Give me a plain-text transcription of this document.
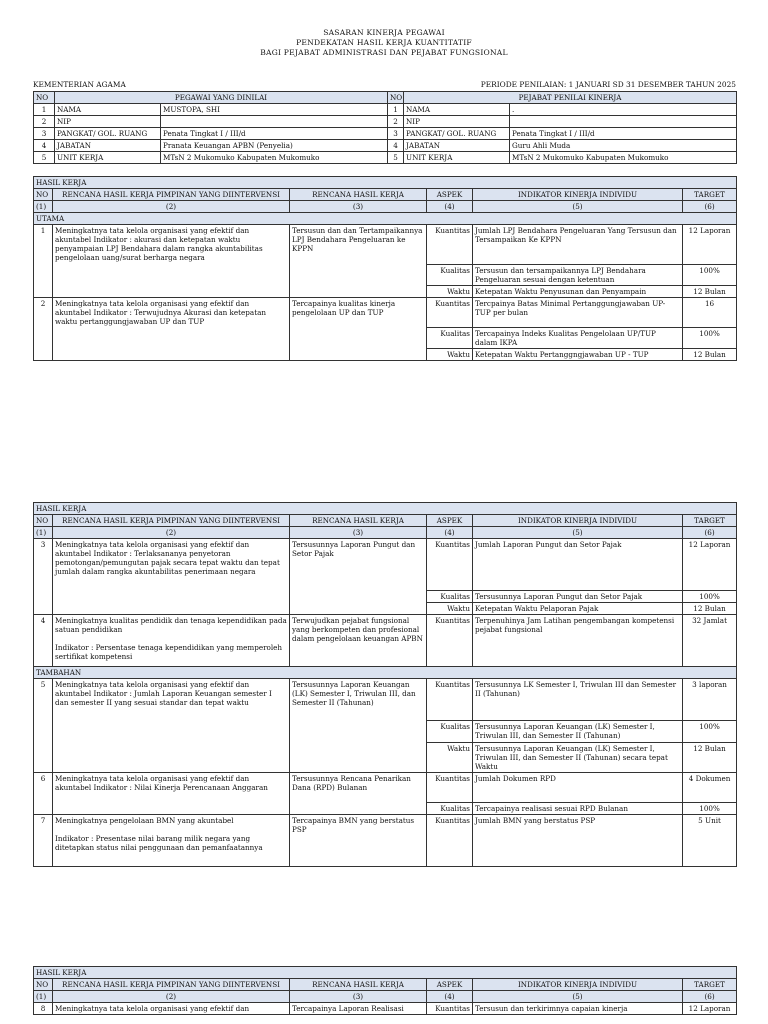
SASARAN KINERJA PEGAWAI
PENDEKATAN HASIL KERJA KUANTITATIF
BAGI PEJABAT ADMINISTRASI DAN PEJABAT FUNGSIONAL
KEMENTERIAN AGAMA	PERIODE PENILAIAN: 1 JANUARI SD 31 DESEMBER TAHUN 2025
NO	PEGAWAI YANG DINILAI		NO	PEJABAT PENILAI KINERJA	
1	NAMA	MUSTOPA, SHI	1	NAMA	.
2	NIP		2	NIP	
3	PANGKAT/ GOL. RUANG	Penata Tingkat I / III/d	3	PANGKAT/ GOL. RUANG	Penata Tingkat I / III/d
4	JABATAN	Pranata Keuangan APBN (Penyelia)	4	JABATAN	Guru Ahli Muda
5	UNIT KERJA	MTsN 2 Mukomuko Kabupaten Mukomuko	5	UNIT KERJA	MTsN 2 Mukomuko Kabupaten Mukomuko
HASIL KERJA					
NO	RENCANA HASIL KERJA PIMPINAN YANG DIINTERVENSI	RENCANA HASIL KERJA	ASPEK	INDIKATOR KINERJA INDIVIDU	TARGET
(1)	(2)	(3)	(4)	(5)	(6)
UTAMA					
1	Meningkatnya tata kelola organisasi yang efektif dan akuntabel Indikator : akurasi dan ketepatan waktu penyampaian LPJ Bendahara dalam rangka akuntabilitas pengelolaan uang/surat berharga negara	Tersusun dan dan Tertampaikannya LPJ Bendahara Pengeluaran ke KPPN	Kuantitas	Jumlah LPJ Bendahara Pengeluaran Yang Tersusun dan Tersampaikan Ke KPPN	12 Laporan
			Kualitas	Tersusun dan tersampaikannya LPJ Bendahara Pengeluaran sesuai dengan ketentuan	100%
			Waktu	Ketepatan Waktu Penyusunan dan Penyampain	12 Bulan
2	Meningkatnya tata kelola organisasi yang efektif dan akuntabel Indikator : Terwujudnya Akurasi dan ketepatan waktu pertanggungjawaban UP dan TUP	Tercapainya kualitas kinerja pengelolaan UP dan TUP	Kuantitas	Tercpainya Batas Minimal Pertanggungjawaban UP- TUP per bulan	16
			Kualitas	Tercapainya Indeks Kualitas Pengelolaan UP/TUP dalam IKPA	100%
			Waktu	Ketepatan Waktu Pertanggngjawaban UP - TUP	12 Bulan
HASIL KERJA					
NO	RENCANA HASIL KERJA PIMPINAN YANG DIINTERVENSI	RENCANA HASIL KERJA	ASPEK	INDIKATOR KINERJA INDIVIDU	TARGET
(1)	(2)	(3)	(4)	(5)	(6)
3	Meningkatnya tata kelola organisasi yang efektif dan akuntabel Indikator : Terlaksananya penyetoran pemotongan/pemungutan pajak secara tepat waktu dan tepat jumlah dalam rangka akuntabilitas penerimaan negara	Tersusunnya Laporan Pungut dan Setor Pajak	Kuantitas	Jumlah Laporan Pungut dan Setor Pajak	12 Laporan
			Kualitas	Tersusunnya Laporan Pungut dan Setor Pajak	100%
			Waktu	Ketepatan Waktu Pelaporan Pajak	12 Bulan
4	Meningkatnya kualitas pendidik dan tenaga kependidikan pada satuan pendidikan
Indikator : Persentase tenaga kependidikan yang memperoleh sertifikat kompetensi	Terwujudkan pejabat fungsional yang berkompeten dan profesional dalam pengelolaan keuangan APBN	Kuantitas	Terpenuhinya Jam Latihan pengembangan kompetensi pejabat fungsional	32 Jamlat
TAMBAHAN					
5	Meningkatnya tata kelola organisasi yang efektif dan akuntabel Indikator : Jumlah Laporan Keuangan semester I dan semester II yang sesuai standar dan tepat waktu	Tersusunnya Laporan Keuangan (LK) Semester I, Triwulan III, dan Semester II (Tahunan)	Kuantitas	Tersusunnya LK Semester I, Triwulan III dan Semester II (Tahunan)	3 laporan
			Kualitas	Tersusunnya Laporan Keuangan (LK) Semester I, Triwulan III, dan Semester II (Tahunan)	100%
			Waktu	Tersusunnya Laporan Keuangan (LK) Semester I, Triwulan III, dan Semester II (Tahunan) secara tepat Waktu	12 Bulan
6	Meningkatnya tata kelola organisasi yang efektif dan akuntabel Indikator : Nilai Kinerja Perencanaan Anggaran	Tersusunnya Rencana Penarikan Dana (RPD) Bulanan	Kuantitas	Jumlah Dokumen RPD	4 Dokumen
			Kualitas	Tercapainya realisasi sesuai RPD Bulanan	100%
7	Meningkatnya pengelolaan BMN yang akuntabel
Indikator : Presentase nilai barang milik negara yang ditetapkan status nilai penggunaan dan pemanfaatannya	Tercapainya BMN yang berstatus PSP	Kuantitas	Jumlah BMN yang berstatus PSP	5 Unit
HASIL KERJA					
NO	RENCANA HASIL KERJA PIMPINAN YANG DIINTERVENSI	RENCANA HASIL KERJA	ASPEK	INDIKATOR KINERJA INDIVIDU	TARGET
(1)	(2)	(3)	(4)	(5)	(6)
8	Meningkatnya tata kelola organisasi yang efektif dan	Tercapainya Laporan Realisasi	Kuantitas	Tersusun dan terkirimnya capaian kinerja	12 Laporan
